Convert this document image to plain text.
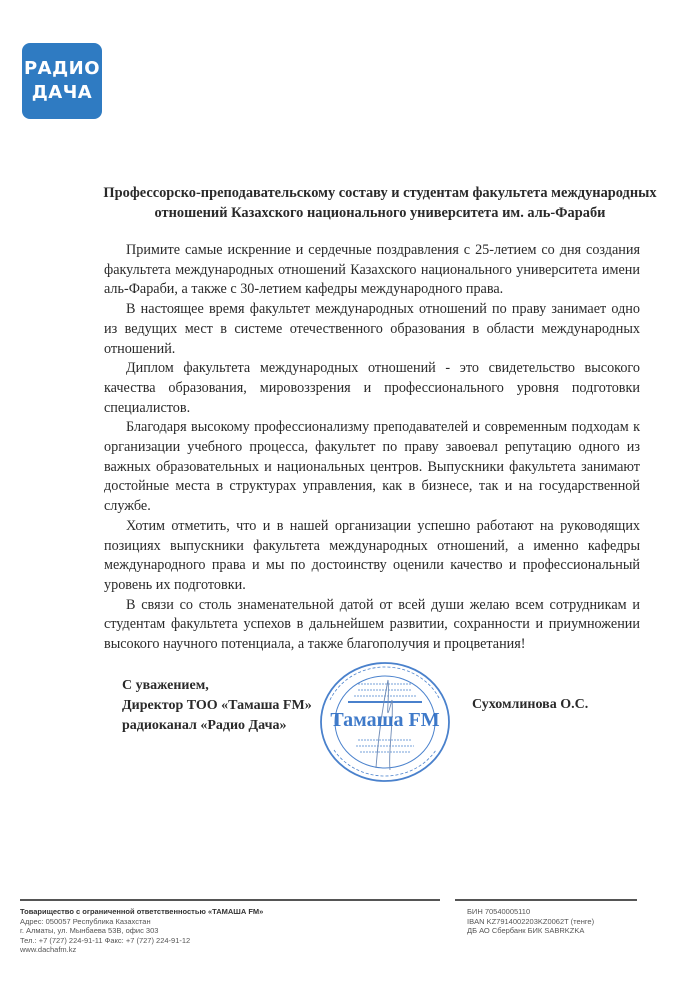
РАДИО
ДАЧА
Профессорско-преподавательскому составу и студентам факультета международных
отношений Казахского национального университета им. аль-Фараби

Примите самые искренние и сердечные поздравления с 25-летием со дня создания факультета международных отношений Казахского национального университета имени аль-Фараби, а также с 30-летием кафедры международного права.

В настоящее время факультет международных отношений по праву занимает одно из ведущих мест в системе отечественного образования в области международных отношений.

Диплом факультета международных отношений - это свидетельство высокого качества образования, мировоззрения и профессионального уровня подготовки специалистов.

Благодаря высокому профессионализму преподавателей и современным подходам к организации учебного процесса, факультет по праву завоевал репутацию одного из важных образовательных и национальных центров. Выпускники факультета занимают достойные места в структурах управления, как в бизнесе, так и на государственной службе.

Хотим отметить, что и в нашей организации успешно работают на руководящих позициях выпускники факультета международных отношений, а именно кафедры международного права и мы по достоинству оценили качество и профессиональный уровень их подготовки.

В связи со столь знаменательной датой от всей души желаю всем сотрудникам и студентам факультета успехов в дальнейшем развитии, сохранности и приумножении высокого научного потенциала, а также благополучия и процветания!

С уважением,
Директор ТОО «Тамаша FM»
радиоканал «Радио Дача»	Тамаша FM
Сухомлинова О.С.
Товарищество с ограниченной ответственностью «ТАМАША FM»
Адрес: 050057 Республика Казахстан
г. Алматы, ул. Мынбаева 53В, офис 303
Тел.: +7 (727) 224-91-11 Факс: +7 (727) 224-91-12
www.dachafm.kz
БИН 70540005110
IBAN KZ7914002203KZ0062T (тенге)
ДБ АО Сбербанк БИК SABRKZKA
